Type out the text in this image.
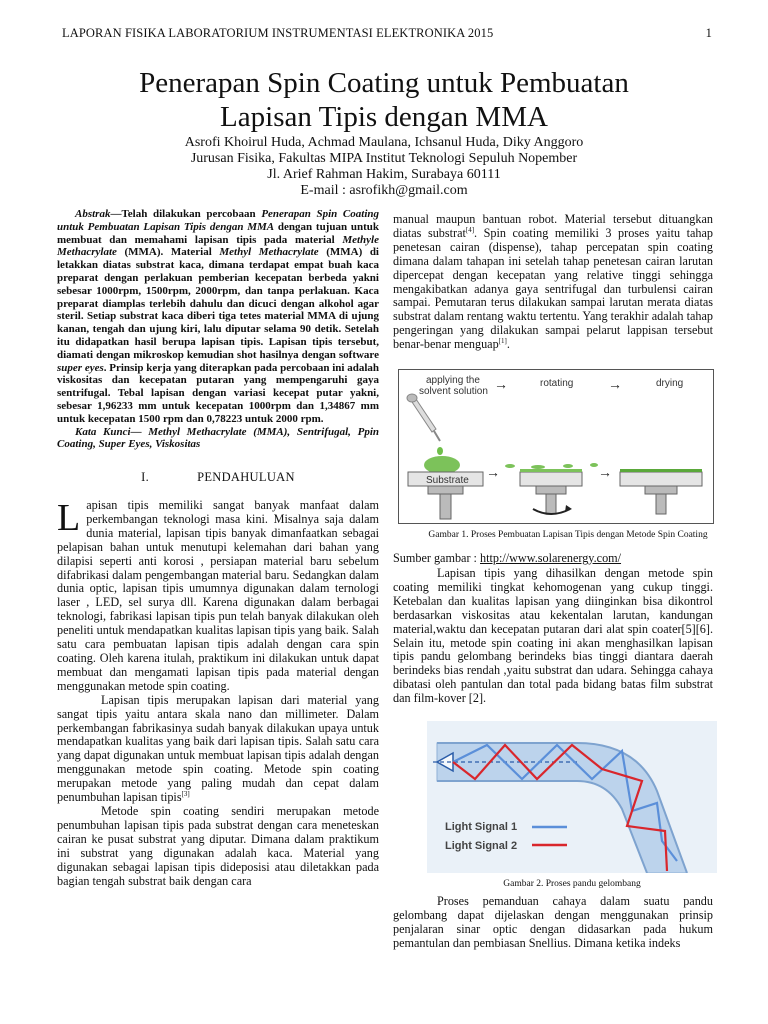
LAPORAN FISIKA LABORATORIUM INSTRUMENTASI ELEKTRONIKA 2015	1
Penerapan Spin Coating untuk Pembuatan
Lapisan Tipis dengan MMA
Asrofi Khoirul Huda, Achmad Maulana, Ichsanul Huda, Diky Anggoro
Jurusan Fisika, Fakultas MIPA Institut Teknologi Sepuluh Nopember
Jl. Arief Rahman Hakim, Surabaya 60111
E-mail : asrofikh@gmail.com

Abstrak—Telah dilakukan percobaan Penerapan Spin Coating untuk Pembuatan Lapisan Tipis dengan MMA dengan tujuan untuk membuat dan memahami lapisan tipis pada material Methyle Methacrylate (MMA). Material Methyl Methacrylate (MMA) di letakkan diatas substrat kaca, dimana terdapat empat buah kaca preparat dengan perlakuan pemberian kecepatan berbeda yakni sebesar 1000rpm, 1500rpm, 2000rpm, dan tanpa perlakuan. Kaca preparat diamplas terlebih dahulu dan dicuci dengan alkohol agar steril. Setiap substrat kaca diberi tiga tetes material MMA di ujung kanan, tengah dan ujung kiri, lalu diputar selama 90 detik. Setelah itu didapatkan hasil berupa lapisan tipis. Lapisan tipis tersebut, diamati dengan mikroskop kemudian shot hasilnya dengan software super eyes. Prinsip kerja yang diterapkan pada percobaan ini adalah viskositas dan kecepatan putaran yang mempengaruhi gaya sentrifugal. Tebal lapisan dengan variasi kecepat putar yakni, sebesar 1,96233 mm untuk kecepatan 1000rpm dan 1,34867 mm untuk kecepatan 1500 rpm dan 0,78223 untuk 2000 rpm.

Kata Kunci— Methyl Methacrylate (MMA), Sentrifugal, Ppin Coating, Super Eyes, Viskositas

I.	PENDAHULUAN

Lapisan tipis memiliki sangat banyak manfaat dalam perkembangan teknologi masa kini. Misalnya saja dalam dunia material, lapisan tipis banyak dimanfaatkan sebagai pelapisan bahan untuk menutupi kelemahan dari bahan yang dilapisi seperti anti korosi , persiapan material baru sebelum difabrikasi dalam pengembangan material baru. Sedangkan dalam dunia optic, lapisan tipis umumnya digunakan dalam ternologi laser , LED, sel surya dll. Karena digunakan dalam berbagai teknologi, fabrikasi lapisan tipis pun telah banyak dilakukan oleh peneliti untuk mendapatkan kualitas lapisan tipis yang baik. Salah satu cara pembuatan lapisan tipis adalah dengan cara spin coating. Oleh karena itulah, praktikum ini dilakukan untuk dapat membuat dan mengamati lapisan tipis pada material dengan menggunakan metode spin coating.

Lapisan tipis merupakan lapisan dari material yang sangat tipis yaitu antara skala nano dan millimeter. Dalam perkembangan fabrikasinya sudah banyak dilakukan upaya untuk mendapatkan kualitas yang baik dari lapisan tipis. Salah satu cara yang dapat digunakan untuk membuat lapisan tipis adalah dengan menggunakan metode spin coating. Metode spin coating merupakan metode yang paling mudah dan cepat dalam penumbuhan lapisan tipis[3]

Metode spin coating sendiri merupakan metode penumbuhan lapisan tipis pada substrat dengan cara meneteskan cairan ke pusat substrat yang diputar. Dimana dalam praktikum ini substrat yang digunakan adalah kaca. Material yang digunakan sebagai lapisan tipis dideposisi atau diletakkan pada bagian tengah substrat baik dengan cara

manual maupun bantuan robot. Material tersebut dituangkan diatas substrat[4]. Spin coating memiliki 3 proses yaitu tahap penetesan cairan (dispense), tahap percepatan spin coating dimana dalam tahapan ini setelah tahap penetesan cairan larutan dipercepat dengan kecepatan yang relative tinggi sehingga mengakibatkan adanya gaya sentrifugal dan turbulensi cairan sampai. Pemutaran terus dilakukan sampai larutan merata diatas substrat dalam rentang waktu tertentu. Yang terakhir adalah tahap pengeringan yang dilakukan sampai pelarut lappisan tersebut benar-benar menguap[1].

applying the
solvent solution
Substrate
→	rotating →	drying
→	→
Gambar 1. Proses Pembuatan Lapisan Tipis dengan Metode Spin Coating
Sumber gambar : http://www.solarenergy.com/

Lapisan tipis yang dihasilkan dengan metode spin coating memiliki tingkat kehomogenan yang cukup tinggi. Ketebalan dan kualitas lapisan yang diinginkan bisa dikontrol berdasarkan viskositas atau kekentalan larutan, kandungan material,waktu dan kecepatan putaran dari alat spin coater[5][6]. Selain itu, metode spin coating ini akan menghasilkan lapisan tipis pandu gelombang berindeks bias tinggi diantara daerah berindeks bias rendah ,yaitu substrat dan udara. Sehingga cahaya dibatasi oleh pantulan dan total pada bidang batas film substrat dan film-kover [2].

Light Signal 1
Light Signal 2
Gambar 2. Proses pandu gelombang

Proses pemanduan cahaya dalam suatu pandu gelombang dapat dijelaskan dengan menggunakan prinsip penjalaran sinar optic dengan didasarkan pada hukum pemantulan dan pembiasan Snellius. Dimana ketika indeks
